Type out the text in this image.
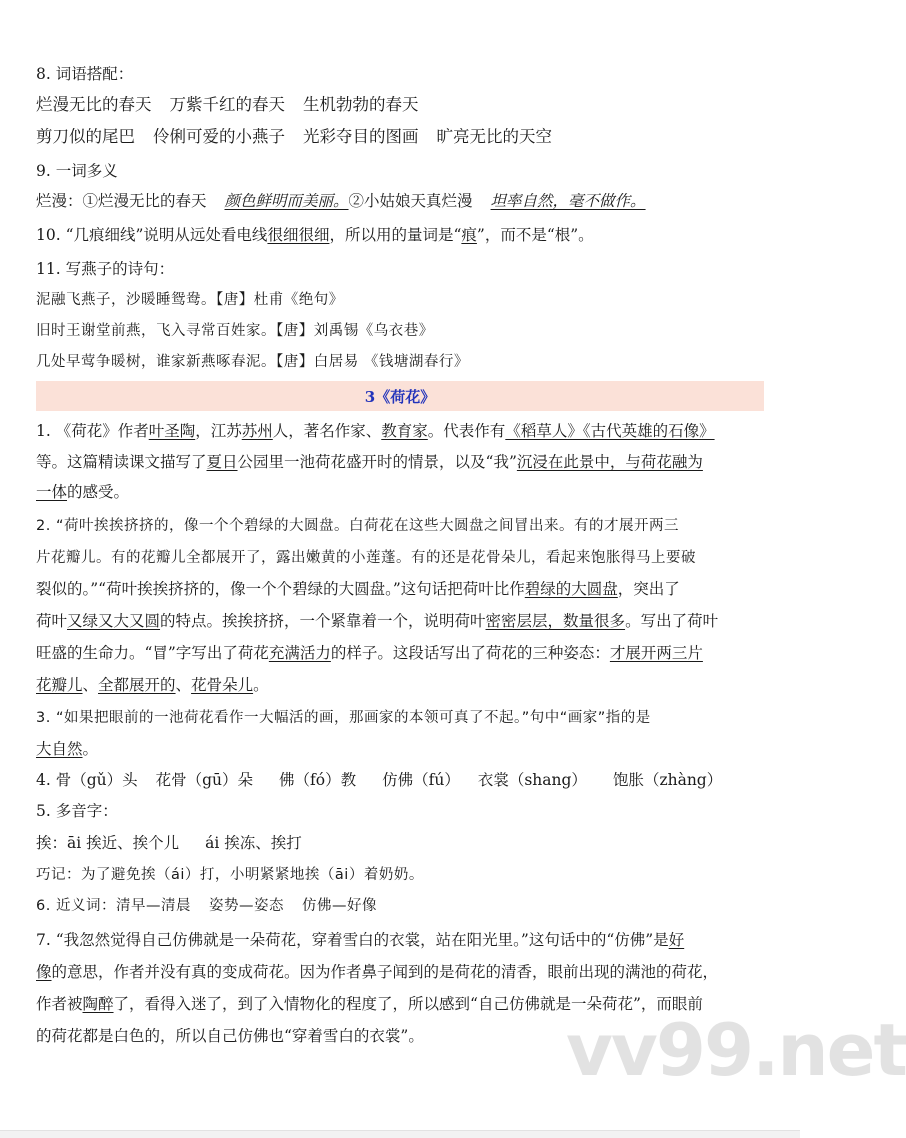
8. 词语搭配：
烂漫无比的春天 万紫千红的春天 生机勃勃的春天
剪刀似的尾巴 伶俐可爱的小燕子 光彩夺目的图画 旷亮无比的天空
9. 一词多义
烂漫：①烂漫无比的春天 颜色鲜明而美丽。②小姑娘天真烂漫 坦率自然，毫不做作。
10. “几痕细线”说明从远处看电线很细很细，所以用的量词是“痕”，而不是“根”。
11. 写燕子的诗句：
泥融飞燕子，沙暖睡鸳鸯。【唐】杜甫《绝句》
旧时王谢堂前燕，飞入寻常百姓家。【唐】刘禹锡《乌衣巷》
几处早莺争暖树，谁家新燕啄春泥。【唐】白居易 《钱塘湖春行》
3《荷花》
1. 《荷花》作者叶圣陶，江苏苏州人，著名作家、教育家。代表作有《稻草人》《古代英雄的石像》
等。这篇精读课文描写了夏日公园里一池荷花盛开时的情景，以及“我”沉浸在此景中，与荷花融为
一体的感受。
2. “荷叶挨挨挤挤的，像一个个碧绿的大圆盘。白荷花在这些大圆盘之间冒出来。有的才展开两三
片花瓣儿。有的花瓣儿全都展开了，露出嫩黄的小莲蓬。有的还是花骨朵儿，看起来饱胀得马上要破
裂似的。”“荷叶挨挨挤挤的，像一个个碧绿的大圆盘。”这句话把荷叶比作碧绿的大圆盘，突出了
荷叶又绿又大又圆的特点。挨挨挤挤，一个紧靠着一个，说明荷叶密密层层，数量很多。写出了荷叶
旺盛的生命力。“冒”字写出了荷花充满活力的样子。这段话写出了荷花的三种姿态：才展开两三片
花瓣儿、全都展开的、花骨朵儿。
3. “如果把眼前的一池荷花看作一大幅活的画，那画家的本领可真了不起。”句中“画家”指的是
大自然。
4. 骨（gǔ）头 花骨（gū）朵 佛（fó）教 仿佛（fú） 衣裳（shang） 饱胀（zhàng）
5. 多音字：
挨：āi 挨近、挨个儿 ái 挨冻、挨打
巧记：为了避免挨（ái）打，小明紧紧地挨（āi）着奶奶。
6. 近义词：清早—清晨 姿势—姿态 仿佛—好像
7. “我忽然觉得自己仿佛就是一朵荷花，穿着雪白的衣裳，站在阳光里。”这句话中的“仿佛”是好
像的意思，作者并没有真的变成荷花。因为作者鼻子闻到的是荷花的清香，眼前出现的满池的荷花，
作者被陶醉了，看得入迷了，到了入情物化的程度了，所以感到“自己仿佛就是一朵荷花”，而眼前
的荷花都是白色的，所以自己仿佛也“穿着雪白的衣裳”。	vv99.net
